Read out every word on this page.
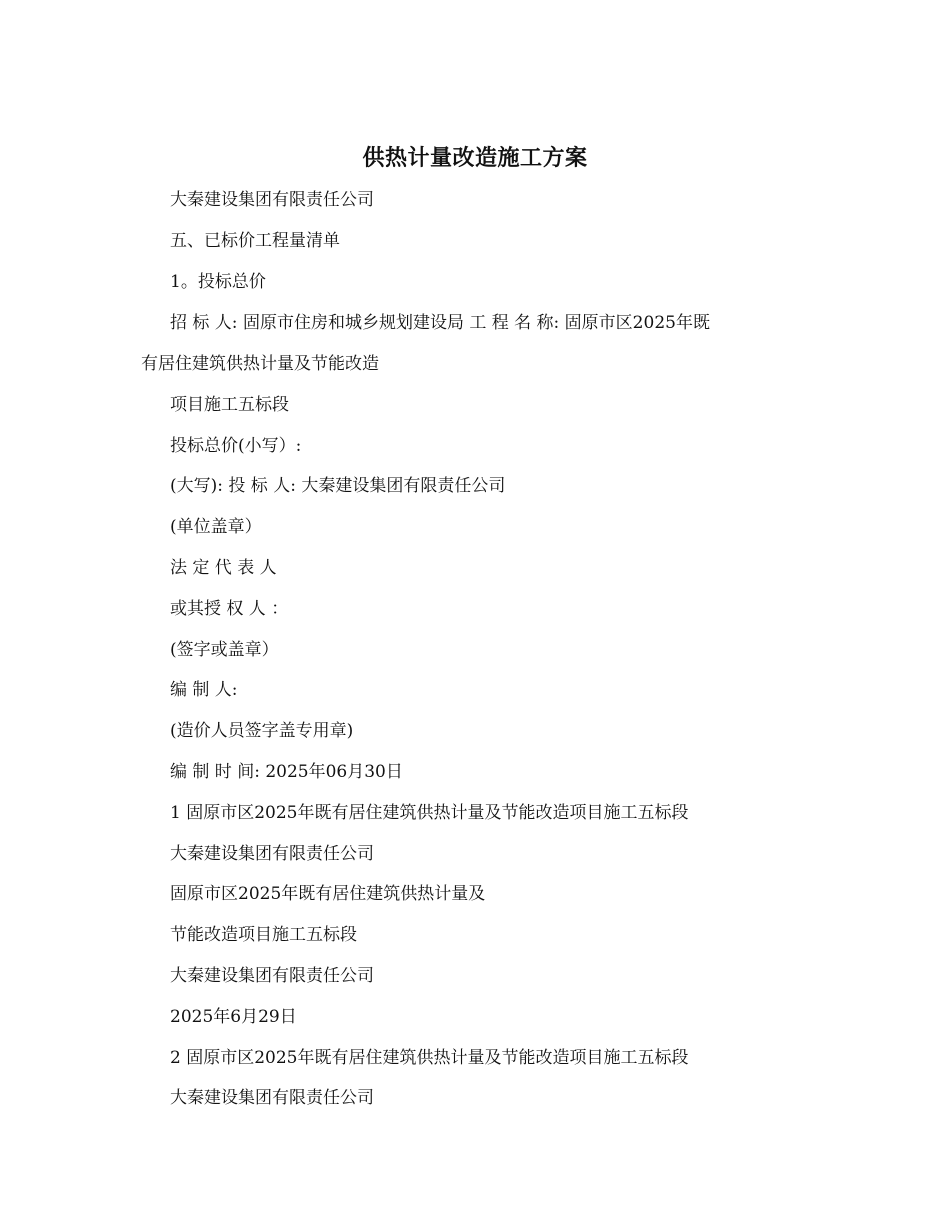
供热计量改造施工方案
大秦建设集团有限责任公司
五、已标价工程量清单
1。投标总价
招 标 人: 固原市住房和城乡规划建设局 工 程 名 称: 固原市区2025年既
有居住建筑供热计量及节能改造
项目施工五标段
投标总价(小写）:
(大写): 投 标 人: 大秦建设集团有限责任公司
(单位盖章）
法 定 代 表 人
或其授 权 人 ：
(签字或盖章）
编 制 人:
(造价人员签字盖专用章)
编 制 时 间: 2025年06月30日
1 固原市区2025年既有居住建筑供热计量及节能改造项目施工五标段
大秦建设集团有限责任公司
固原市区2025年既有居住建筑供热计量及
节能改造项目施工五标段
大秦建设集团有限责任公司
2025年6月29日
2 固原市区2025年既有居住建筑供热计量及节能改造项目施工五标段
大秦建设集团有限责任公司
